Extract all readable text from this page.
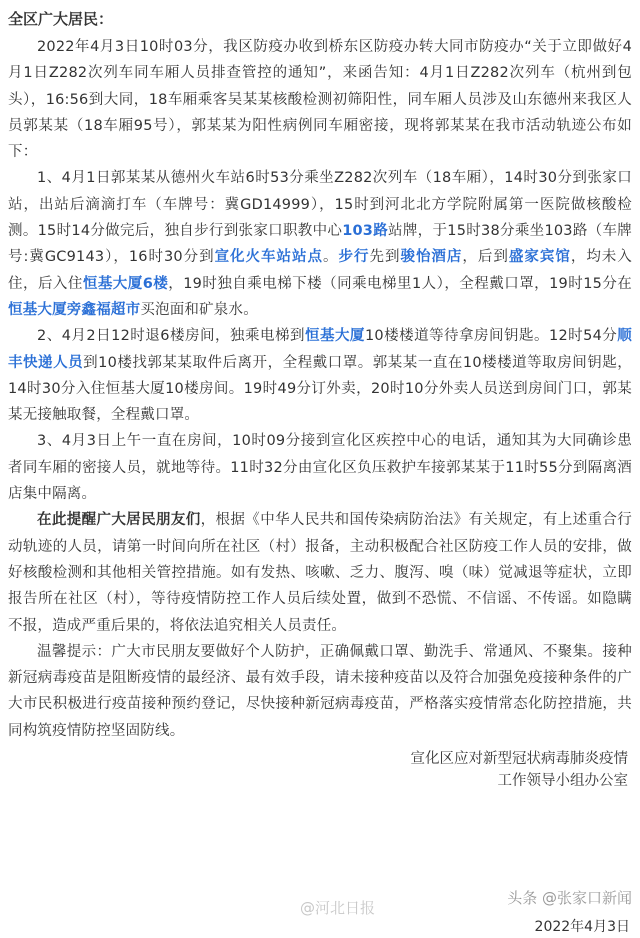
全区广大居民：

2022年4月3日10时03分，我区防疫办收到桥东区防疫办转大同市防疫办“关于立即做好4月1日Z282次列车同车厢人员排查管控的通知”，来函告知：4月1日Z282次列车（杭州到包头），16:56到大同，18车厢乘客吴某某核酸检测初筛阳性，同车厢人员涉及山东德州来我区人员郭某某（18车厢95号），郭某某为阳性病例同车厢密接，现将郭某某在我市活动轨迹公布如下：

1、4月1日郭某某从德州火车站6时53分乘坐Z282次列车（18车厢），14时30分到张家口站，出站后滴滴打车（车牌号：冀GD14999），15时到河北北方学院附属第一医院做核酸检测。15时14分做完后，独自步行到张家口职教中心103路站牌，于15时38分乘坐103路（车牌号:冀GC9143），16时30分到宣化火车站站点。步行先到骏怡酒店，后到盛家宾馆，均未入住，后入住恒基大厦6楼，19时独自乘电梯下楼（同乘电梯里1人），全程戴口罩，19时15分在恒基大厦旁鑫福超市买泡面和矿泉水。

2、4月2日12时退6楼房间，独乘电梯到恒基大厦10楼楼道等待拿房间钥匙。12时54分顺丰快递人员到10楼找郭某某取件后离开，全程戴口罩。郭某某一直在10楼楼道等取房间钥匙，14时30分入住恒基大厦10楼房间。19时49分订外卖，20时10分外卖人员送到房间门口，郭某某无接触取餐，全程戴口罩。

3、4月3日上午一直在房间，10时09分接到宣化区疾控中心的电话，通知其为大同确诊患者同车厢的密接人员，就地等待。11时32分由宣化区负压救护车接郭某某于11时55分到隔离酒店集中隔离。

在此提醒广大居民朋友们，根据《中华人民共和国传染病防治法》有关规定，有上述重合行动轨迹的人员，请第一时间向所在社区（村）报备，主动积极配合社区防疫工作人员的安排，做好核酸检测和其他相关管控措施。如有发热、咳嗽、乏力、腹泻、嗅（味）觉减退等症状，立即报告所在社区（村），等待疫情防控工作人员后续处置，做到不恐慌、不信谣、不传谣。如隐瞒不报，造成严重后果的，将依法追究相关人员责任。

温馨提示：广大市民朋友要做好个人防护，正确佩戴口罩、勤洗手、常通风、不聚集。接种新冠病毒疫苗是阻断疫情的最经济、最有效手段，请未接种疫苗以及符合加强免疫接种条件的广大市民积极进行疫苗接种预约登记，尽快接种新冠病毒疫苗，严格落实疫情常态化防控措施，共同构筑疫情防控坚固防线。

宣化区应对新型冠状病毒肺炎疫情
工作领导小组办公室
@河北日报
头条 @张家口新闻
2022年4月3日
